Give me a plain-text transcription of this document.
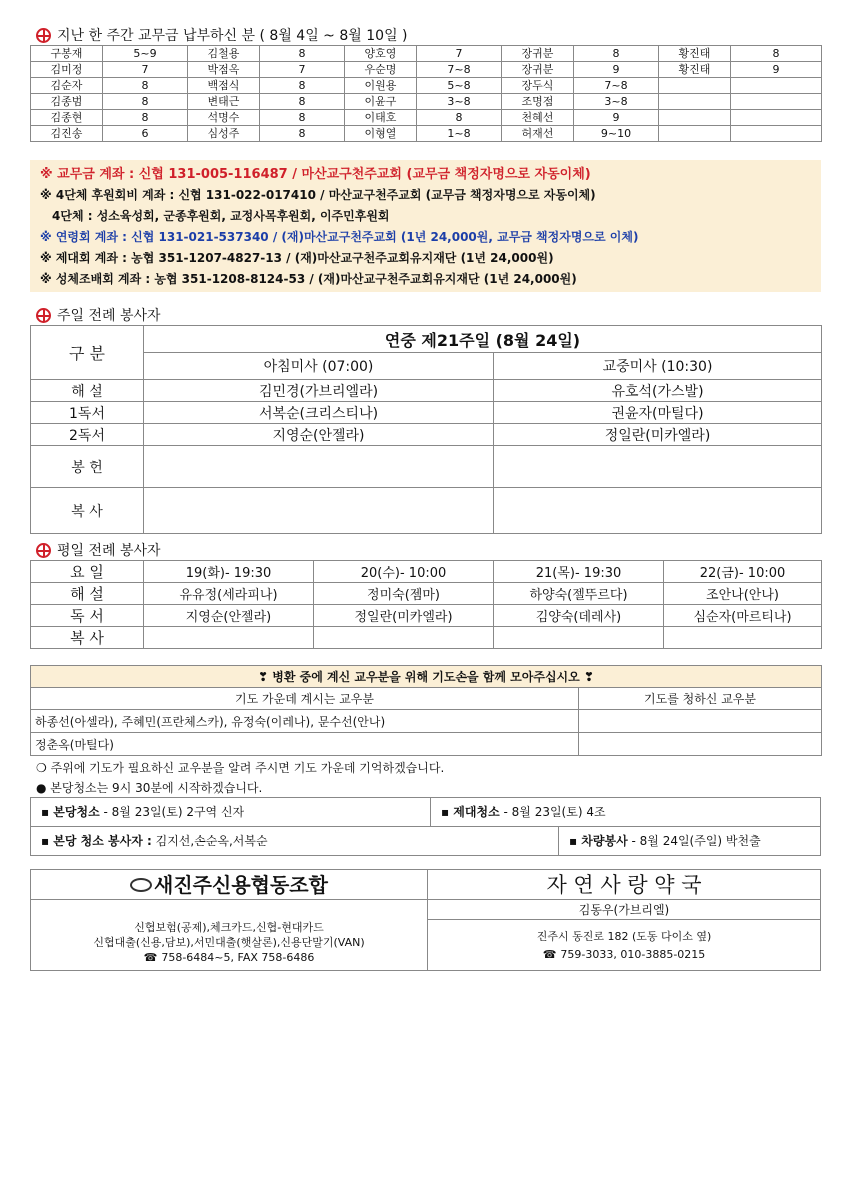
지난 한 주간 교무금 납부하신 분 ( 8월 4일 ~ 8월 10일 )
구봉재	5~9	김철용	8	양호영	7	장귀분	8	황진태	8
김미정	7	박점옥	7	우순명	7~8	장귀분	9	황진태	9
김순자	8	백점식	8	이원용	5~8	장두식	7~8		
김종범	8	변태근	8	이윤구	3~8	조명점	3~8		
김종현	8	석명수	8	이태호	8	천혜선	9		
김진송	6	심성주	8	이형열	1~8	허재선	9~10		
※ 교무금 계좌 : 신협 131-005-116487 / 마산교구천주교회 (교무금 책정자명으로 자동이체)
※ 4단체 후원회비 계좌 : 신협 131-022-017410 / 마산교구천주교회 (교무금 책정자명으로 자동이체)
4단체 : 성소육성회, 군종후원회, 교정사목후원회, 이주민후원회
※ 연령회 계좌 : 신협 131-021-537340 / (재)마산교구천주교회 (1년 24,000원, 교무금 책정자명으로 이체)
※ 제대회 계좌 : 농협 351-1207-4827-13 / (재)마산교구천주교회유지재단 (1년 24,000원)
※ 성체조배회 계좌 : 농협 351-1208-8124-53 / (재)마산교구천주교회유지재단 (1년 24,000원)
주일 전례 봉사자
구 분	연중 제21주일 (8월 24일)	
	아침미사 (07:00)	교중미사 (10:30)
해 설	김민경(가브리엘라)	유호석(가스발)
1독서	서복순(크리스티나)	권윤자(마틸다)
2독서	지영순(안젤라)	정일란(미카엘라)
봉 헌		
복 사		
평일 전례 봉사자
요 일	19(화)- 19:30	20(수)- 10:00	21(목)- 19:30	22(금)- 10:00
해 설	유유정(세라피나)	정미숙(젬마)	하양숙(젤뚜르다)	조안나(안나)
독 서	지영순(안젤라)	정일란(미카엘라)	김양숙(데레사)	심순자(마르티나)
복 사				
❣ 병환 중에 계신 교우분을 위해 기도손을 함께 모아주십시오 ❣	
기도 가운데 계시는 교우분	기도를 청하신 교우분
하종선(아셀라), 주혜민(프란체스카), 유정숙(이레나), 문수선(안나)	
정춘옥(마틸다)	
❍ 주위에 기도가 필요하신 교우분을 알려 주시면 기도 가운데 기억하겠습니다.
● 본당청소는 9시 30분에 시작하겠습니다.
▪ 본당청소 - 8월 23일(토) 2구역 신자	▪ 제대청소 - 8월 23일(토) 4조
▪ 본당 청소 봉사자 : 김지선,손순옥,서복순	▪ 차량봉사 - 8월 24일(주일) 박천출
새진주신용협동조합
신협보험(공제),체크카드,신협-현대카드
신협대출(신용,담보),서민대출(햇살론),신용단말기(VAN)
☎ 758-6484~5, FAX 758-6486
자 연 사 랑 약 국
김동우(가브리엘)
진주시 동진로 182 (도동 다이소 옆)
☎ 759-3033, 010-3885-0215
